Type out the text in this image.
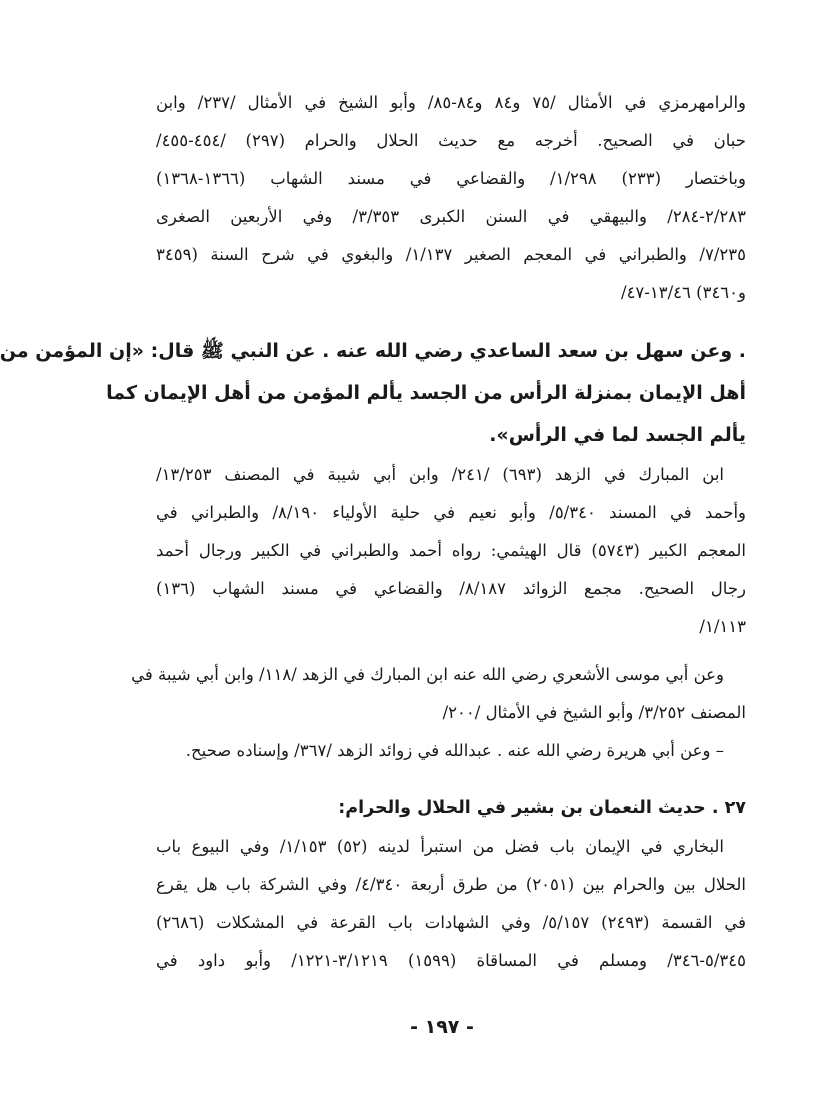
والرامهرمزي في الأمثال /٧٥ و٨٤ و٨٤-٨٥/ وأبو الشيخ في الأمثال /٢٣٧/ وابن
حبان في الصحيح. أخرجه مع حديث الحلال والحرام (٢٩٧) /٤٥٤-٤٥٥/
وباختصار (٢٣٣) ١/٢٩٨/ والقضاعي في مسند الشهاب (١٣٦٦-١٣٦٨)
٢/٢٨٣-٢٨٤/ والبيهقي في السنن الكبرى ٣/٣٥٣/ وفي الأربعين الصغرى
٧/٢٣٥/ والطبراني في المعجم الصغير ١/١٣٧/ والبغوي في شرح السنة (٣٤٥٩
و٣٤٦٠) ١٣/٤٦-٤٧/
. وعن سهل بن سعد الساعدي رضي الله عنه . عن النبي ﷺ قال: «إن المؤمن من
أهل الإيمان بمنزلة الرأس من الجسد يألم المؤمن من أهل الإيمان كما
يألم الجسد لما في الرأس».
ابن المبارك في الزهد (٦٩٣) /٢٤١/ وابن أبي شيبة في المصنف ١٣/٢٥٣/
وأحمد في المسند ٥/٣٤٠/ وأبو نعيم في حلية الأولياء ٨/١٩٠/ والطبراني في
المعجم الكبير (٥٧٤٣) قال الهيثمي: رواه أحمد والطبراني في الكبير ورجال أحمد
رجال الصحيح. مجمع الزوائد ٨/١٨٧/ والقضاعي في مسند الشهاب (١٣٦)
١/١١٣/
وعن أبي موسى الأشعري رضي الله عنه ابن المبارك في الزهد /١١٨/ وابن أبي شيبة في
المصنف ٣/٢٥٢/ وأبو الشيخ في الأمثال /٢٠٠/
– وعن أبي هريرة رضي الله عنه . عبدالله في زوائد الزهد /٣٦٧/ وإسناده صحيح.
٢٧ . حديث النعمان بن بشير في الحلال والحرام:
البخاري في الإيمان باب فضل من استبرأ لدينه (٥٢) ١/١٥٣/ وفي البيوع باب
الحلال بين والحرام بين (٢٠٥١) من طرق أربعة ٤/٣٤٠/ وفي الشركة باب هل يقرع
في القسمة (٢٤٩٣) ٥/١٥٧/ وفي الشهادات باب القرعة في المشكلات (٢٦٨٦)
٥/٣٤٥-٣٤٦/ ومسلم في المساقاة (١٥٩٩) ٣/١٢١٩-١٢٢١/ وأبو داود في
- ١٩٧ -
